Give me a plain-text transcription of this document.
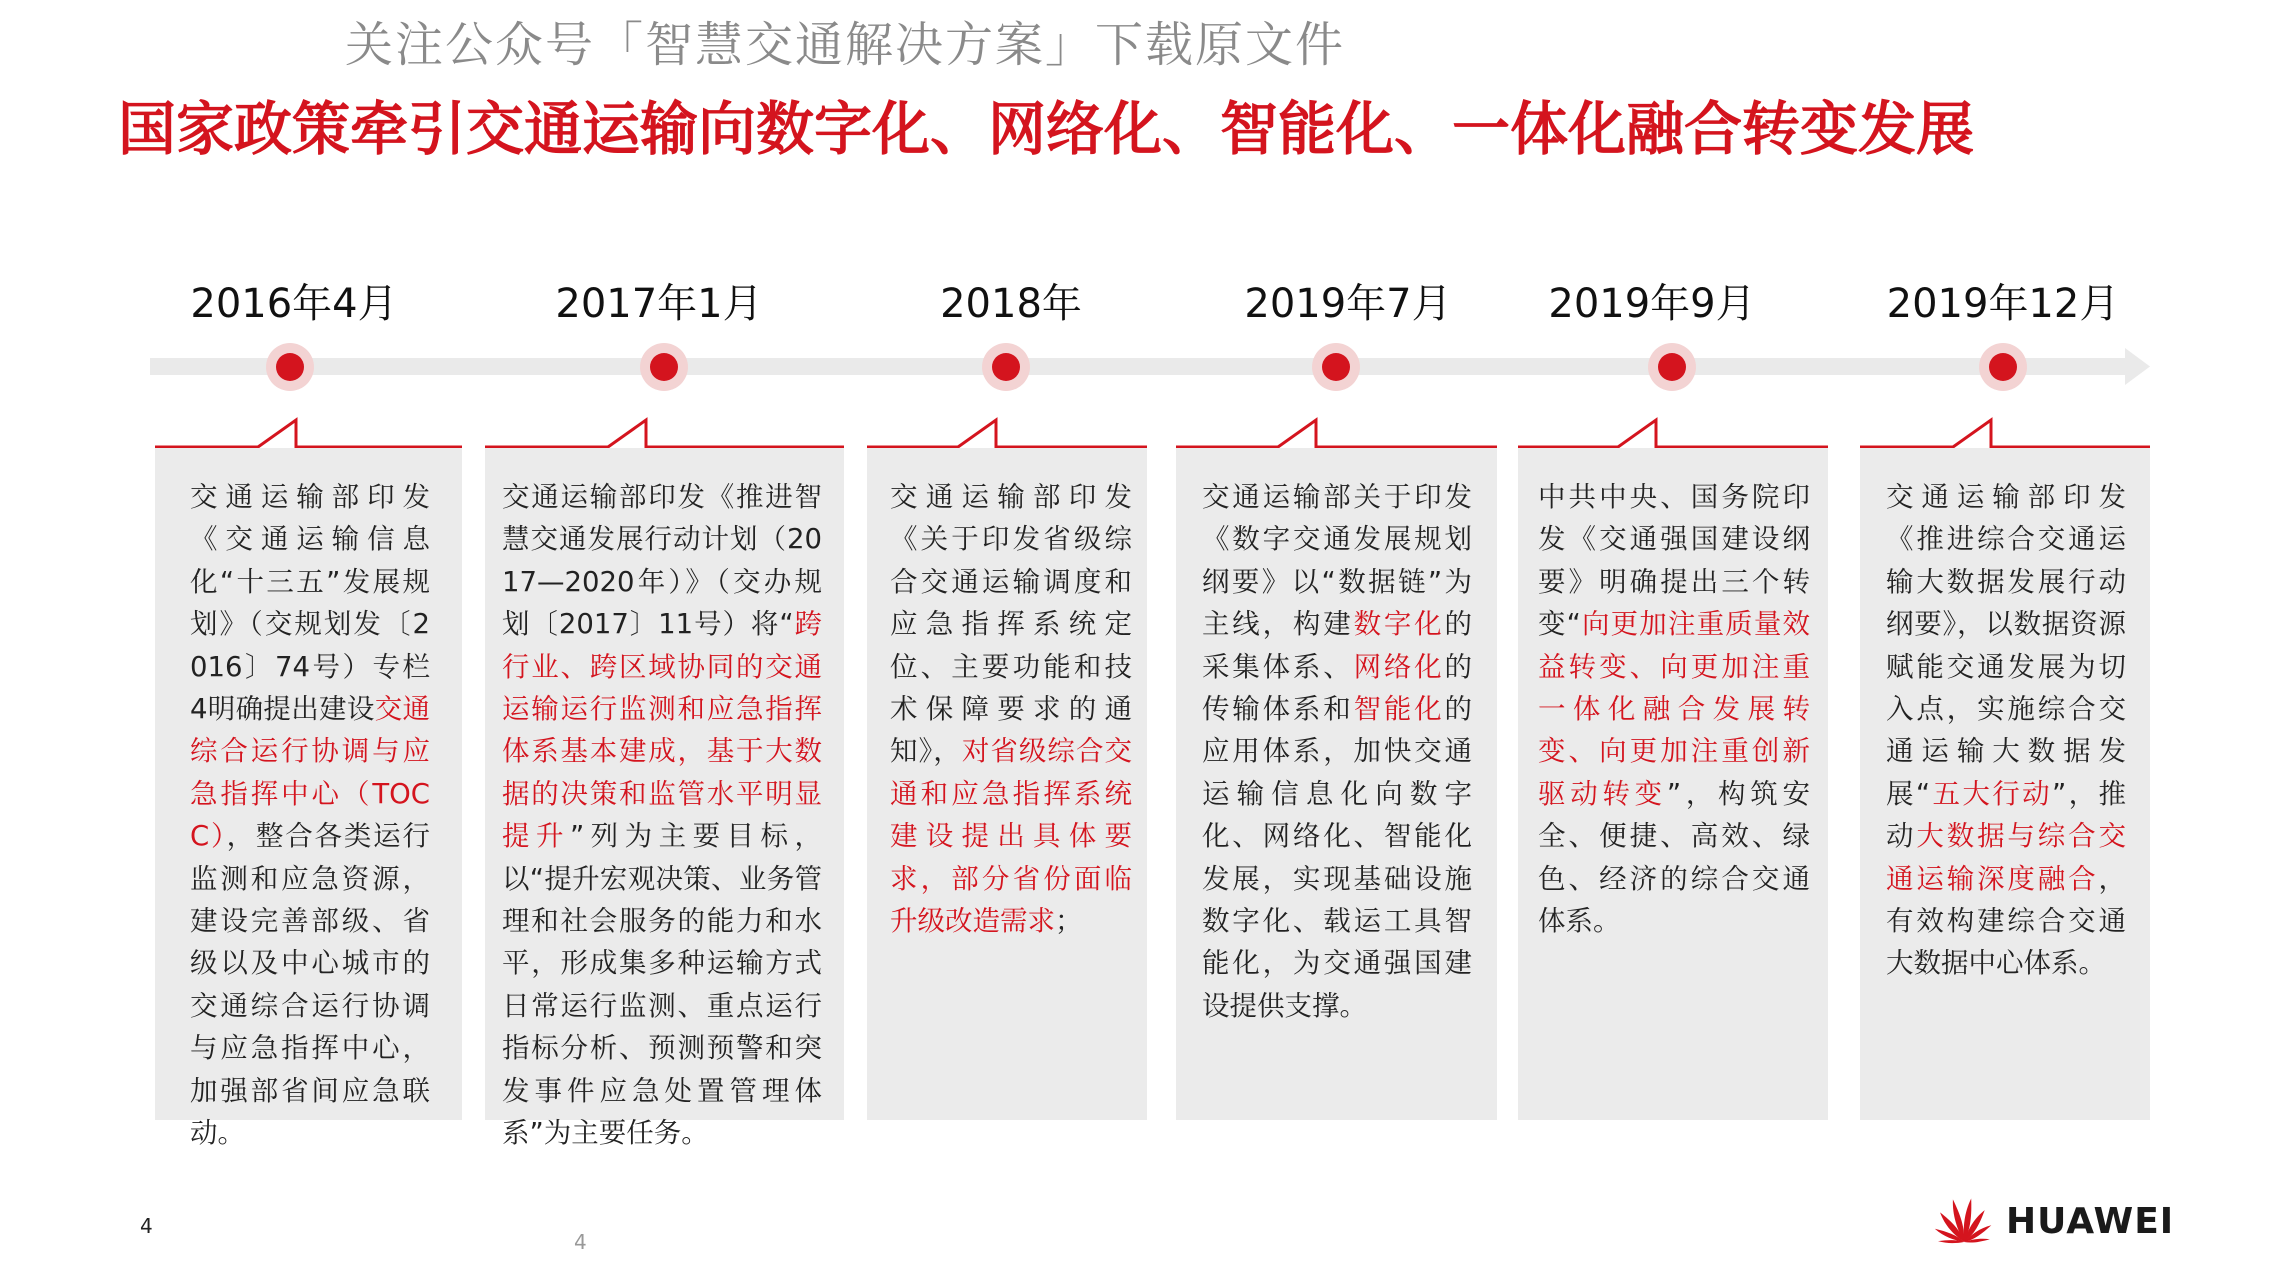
关注公众号「智慧交通解决方案」下载原文件
国家政策牵引交通运输向数字化、网络化、智能化、一体化融合转变发展
2016年4月	2017年1月	2018年	2019年7月	2019年9月	2019年12月
交通运输部印发《交通运输信息化“十三五”发展规划》（交规划发〔2016〕74号）专栏4明确提出建设交通综合运行协调与应急指挥中心（TOCC），整合各类运行监测和应急资源，建设完善部级、省级以及中心城市的交通综合运行协调与应急指挥中心，加强部省间应急联动。
交通运输部印发《推进智慧交通发展行动计划（2017—2020年）》（交办规划〔2017〕11号）将“跨行业、跨区域协同的交通运输运行监测和应急指挥体系基本建成，基于大数据的决策和监管水平明显提升”列为主要目标，以“提升宏观决策、业务管理和社会服务的能力和水平，形成集多种运输方式日常运行监测、重点运行指标分析、预测预警和突发事件应急处置管理体系”为主要任务。
交通运输部印发《关于印发省级综合交通运输调度和应急指挥系统定位、主要功能和技术保障要求的通知》，对省级综合交通和应急指挥系统建设提出具体要求，部分省份面临升级改造需求；
交通运输部关于印发《数字交通发展规划纲要》以“数据链”为主线，构建数字化的采集体系、网络化的传输体系和智能化的应用体系，加快交通运输信息化向数字化、网络化、智能化发展，实现基础设施数字化、载运工具智能化，为交通强国建设提供支撑。
中共中央、国务院印发《交通强国建设纲要》明确提出三个转变“向更加注重质量效益转变、向更加注重一体化融合发展转变、向更加注重创新驱动转变”，构筑安全、便捷、高效、绿色、经济的综合交通体系。
交通运输部印发《推进综合交通运输大数据发展行动纲要》，以数据资源赋能交通发展为切入点，实施综合交通运输大数据发展“五大行动”，推动大数据与综合交通运输深度融合，有效构建综合交通大数据中心体系。
4
4	HUAWEI
